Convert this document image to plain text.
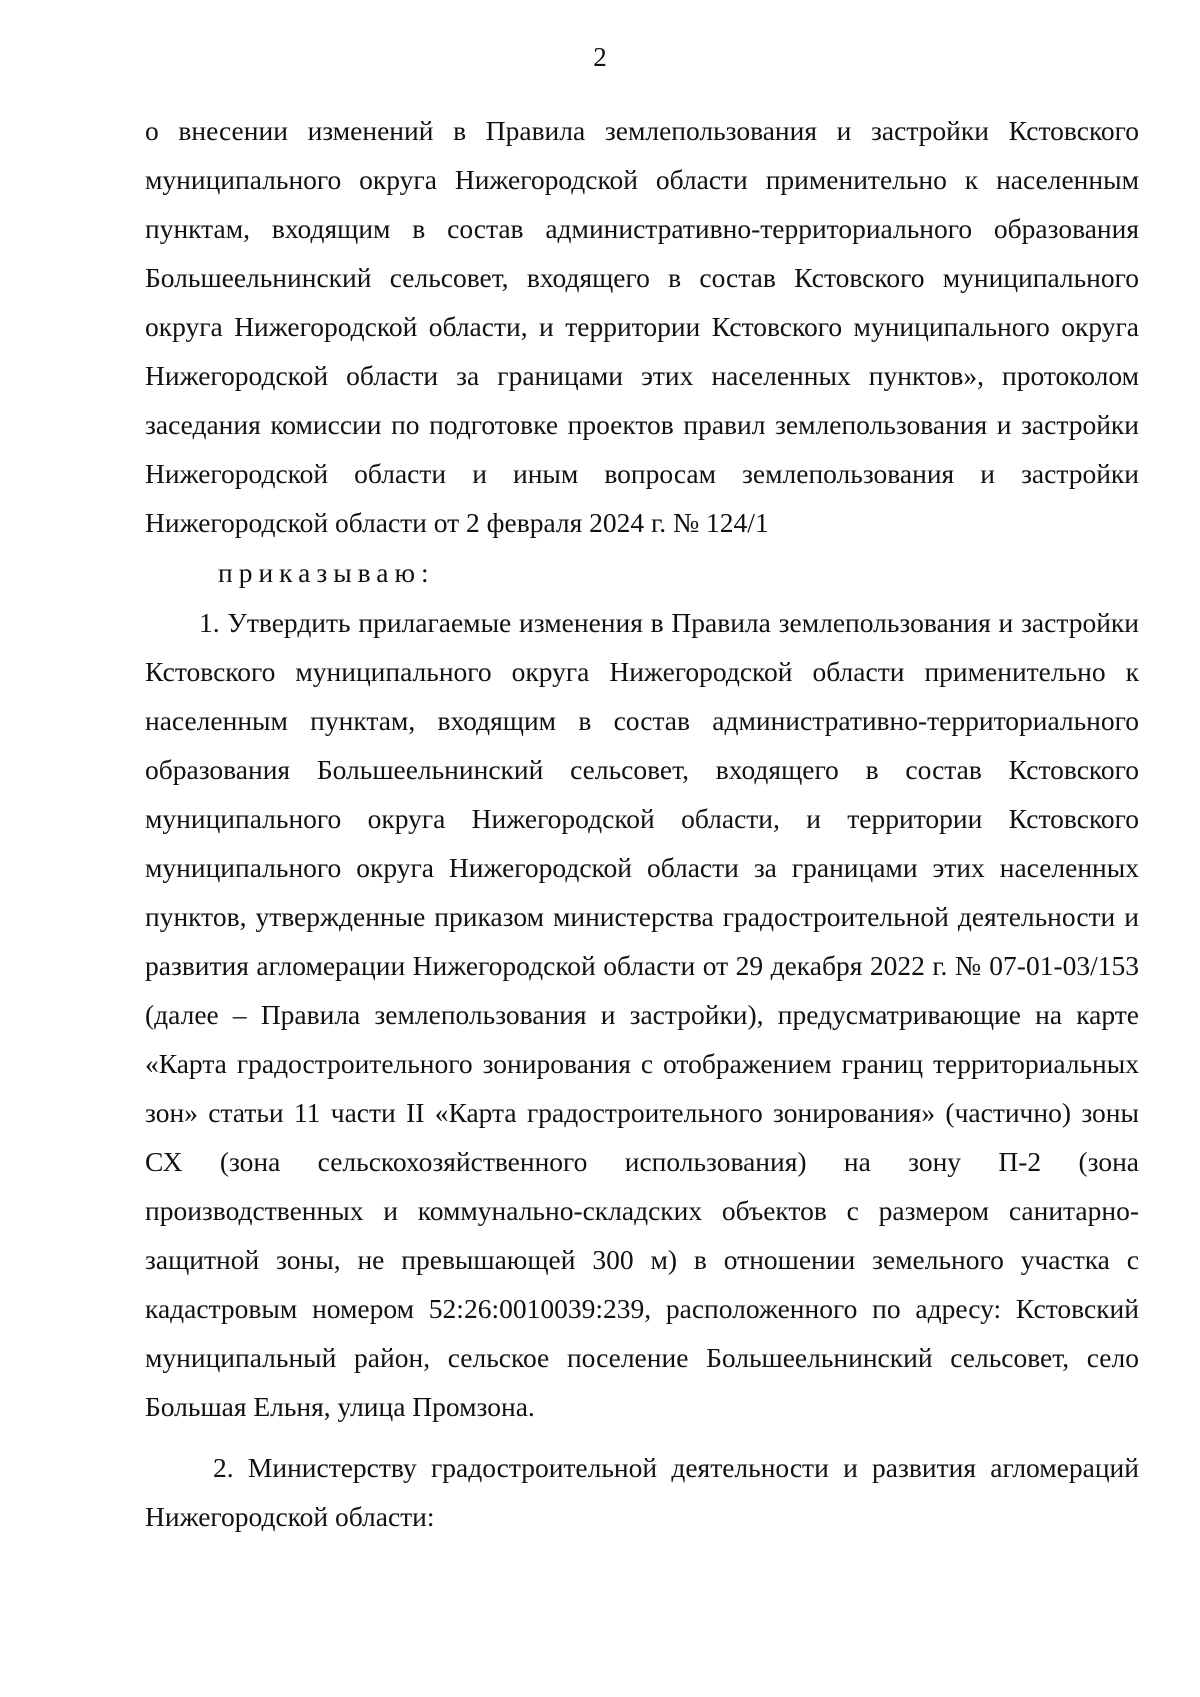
2

о внесении изменений в Правила землепользования и застройки Кстовского муниципального округа Нижегородской области применительно к населенным пунктам, входящим в состав административно-территориального образования Большеельнинский сельсовет, входящего в состав Кстовского муниципального округа Нижегородской области, и территории Кстовского муниципального округа Нижегородской области за границами этих населенных пунктов», протоколом заседания комиссии по подготовке проектов правил землепользования и застройки Нижегородской области и иным вопросам землепользования и застройки Нижегородской области от 2 февраля 2024 г. № 124/1

приказываю:

1. Утвердить прилагаемые изменения в Правила землепользования и застройки Кстовского муниципального округа Нижегородской области применительно к населенным пунктам, входящим в состав административно-территориального образования Большеельнинский сельсовет, входящего в состав Кстовского муниципального округа Нижегородской области, и территории Кстовского муниципального округа Нижегородской области за границами этих населенных пунктов, утвержденные приказом министерства градостроительной деятельности и развития агломерации Нижегородской области от 29 декабря 2022 г. № 07-01-03/153 (далее – Правила землепользования и застройки), предусматривающие на карте «Карта градостроительного зонирования с отображением границ территориальных зон» статьи 11 части II «Карта градостроительного зонирования» (частично) зоны СХ (зона сельскохозяйственного использования) на зону П-2 (зона производственных и коммунально-складских объектов с размером санитарно-защитной зоны, не превышающей 300 м) в отношении земельного участка с кадастровым номером 52:26:0010039:239, расположенного по адресу: Кстовский муниципальный район, сельское поселение Большеельнинский сельсовет, село Большая Ельня, улица Промзона.

2. Министерству градостроительной деятельности и развития агломераций Нижегородской области:
